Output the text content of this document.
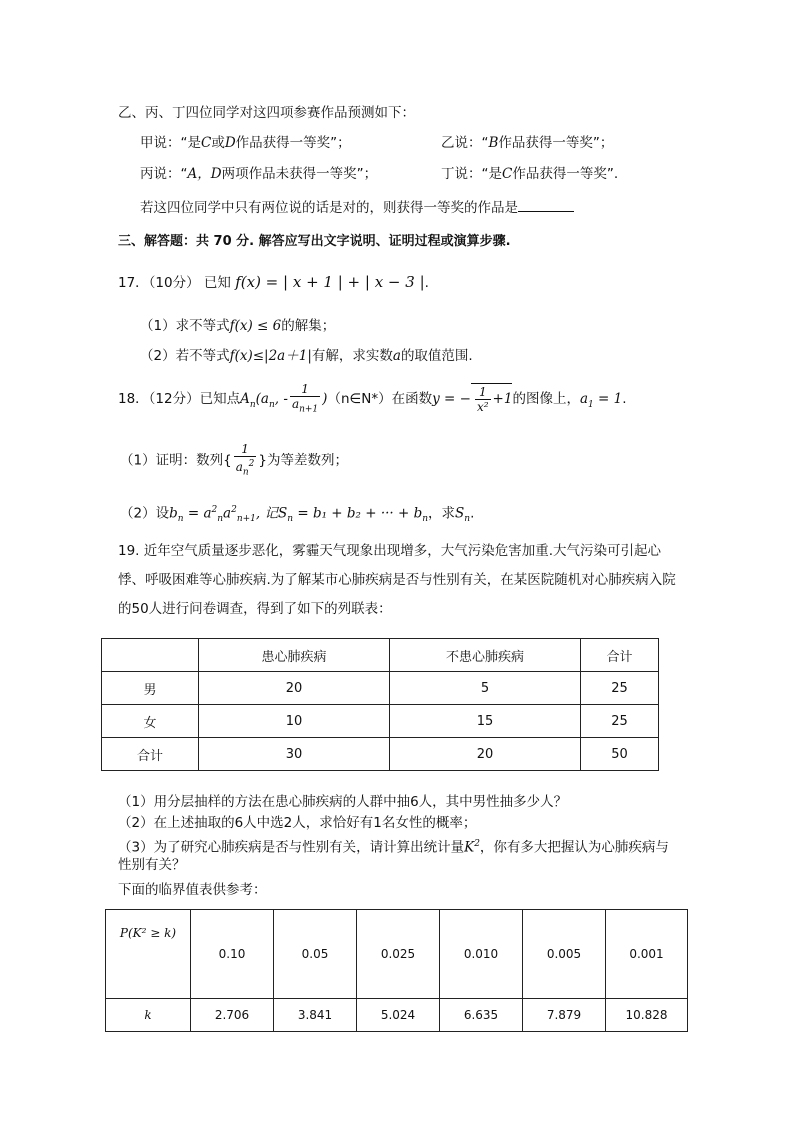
乙、丙、丁四位同学对这四项参赛作品预测如下：
甲说：“是C或D作品获得一等奖”；	乙说：“B作品获得一等奖”；
丙说：“A，D两项作品未获得一等奖”；	丁说：“是C作品获得一等奖”.
若这四位同学中只有两位说的话是对的，则获得一等奖的作品是
三、解答题：共 70 分. 解答应写出文字说明、证明过程或演算步骤.
17．（10分） 已知 f(x) = | x + 1 | + | x − 3 |.
（1）求不等式f(x) ≤ 6的解集；
（2）若不等式f(x)≤|2a＋1|有解，求实数a的取值范围.
18．（12分）已知点$A_n(a_n$, - $\frac{1}{a_{n+1}}$ )（n∈N*）在函数y = − $\frac{1}{\text{x²}} +1$的图像上，$a_1 = 1$.
（1）证明：数列{ $\frac{1}{a_n^2}$ }为等差数列；
（2）设$b_n = a^2_na^2_{n+1}$, 记$S_n = b_1 + b_2$ + ··· + $b_n$，求$S_n$.
19. 近年空气质量逐步恶化，雾霾天气现象出现增多，大气污染危害加重.大气污染可引起心悸、呼吸困难等心肺疾病.为了解某市心肺疾病是否与性别有关，在某医院随机对心肺疾病入院的50人进行问卷调查，得到了如下的列联表：
	患心肺疾病	不患心肺疾病	合计
男	20	5	25
女	10	15	25
合计	30	20	50
（1）用分层抽样的方法在患心肺疾病的人群中抽6人，其中男性抽多少人？
（2）在上述抽取的6人中选2人，求恰好有1名女性的概率；
（3）为了研究心肺疾病是否与性别有关，请计算出统计量$K^2$，你有多大把握认为心肺疾病与
性别有关？
下面的临界值表供参考：
P(K² ≥ k)	0.10	0.05	0.025	0.010	0.005	0.001
k	2.706	3.841	5.024	6.635	7.879	10.828
